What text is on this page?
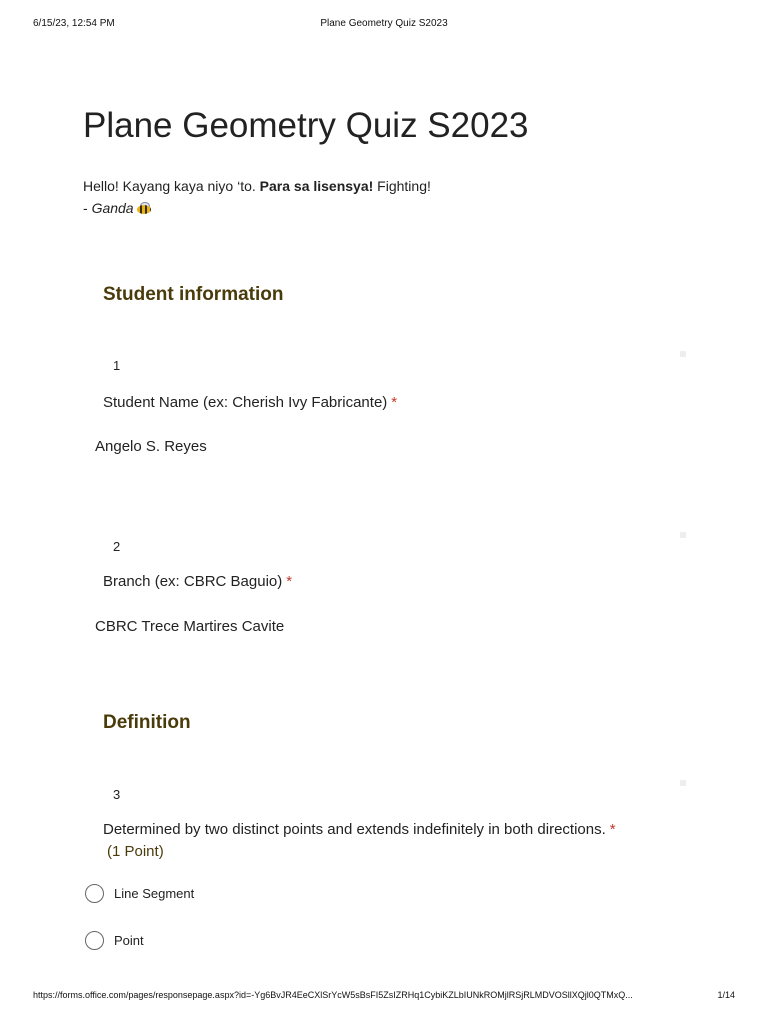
6/15/23, 12:54 PM	Plane Geometry Quiz S2023
Plane Geometry Quiz S2023
Hello! Kayang kaya niyo ‘to. Para sa lisensya! Fighting!
- Ganda
Student information
1
Student Name (ex: Cherish Ivy Fabricante) *
Angelo S. Reyes
2
Branch (ex: CBRC Baguio) *
CBRC Trece Martires Cavite
Definition
3
Determined by two distinct points and extends indefinitely in both directions. *
(1 Point)
Line Segment
Point
https://forms.office.com/pages/responsepage.aspx?id=-Yg6BvJR4EeCXlSrYcW5sBsFI5ZsIZRHq1CybiKZLbIUNkROMjlRSjRLMDVOSllXQjl0QTMxQ...	1/14
